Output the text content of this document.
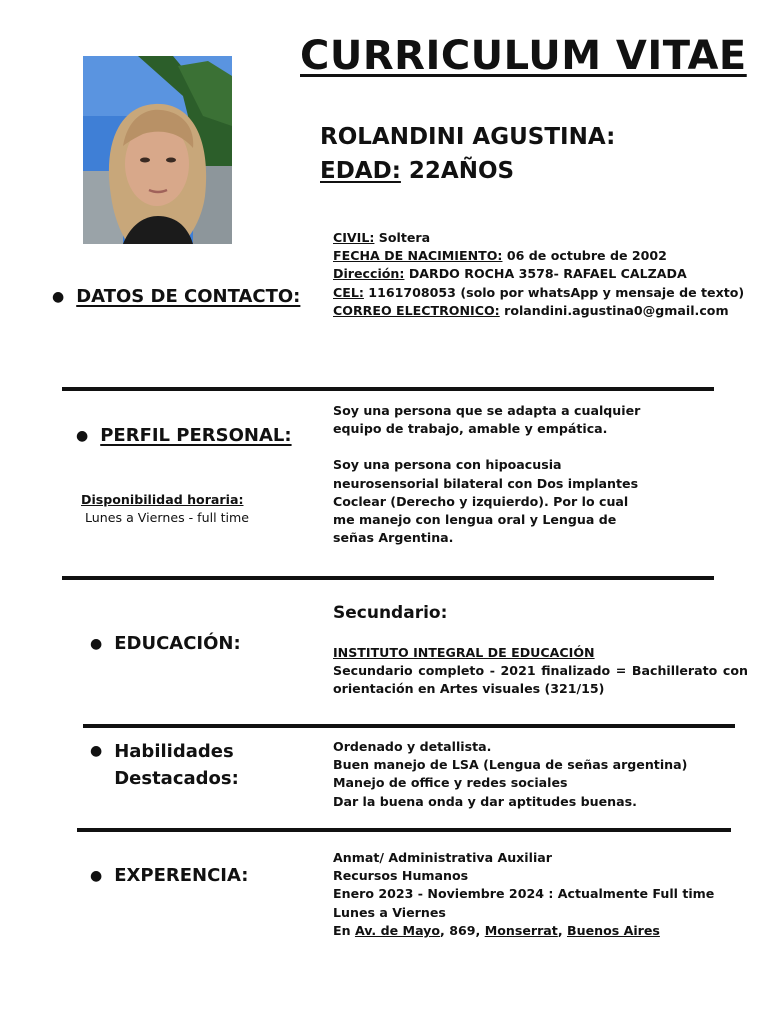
CURRICULUM VITAE
ROLANDINI AGUSTINA:
EDAD: 22AÑOS
CIVIL: Soltera
FECHA DE NACIMIENTO: 06 de octubre de 2002
Dirección: DARDO ROCHA 3578- RAFAEL CALZADA
CEL: 1161708053 (solo por whatsApp y mensaje de texto)
CORREO ELECTRONICO: rolandini.agustina0@gmail.com
● DATOS DE CONTACTO:

Soy una persona que se adapta a cualquier equipo de trabajo, amable y empática.

Soy una persona con hipoacusia neurosensorial bilateral con Dos implantes Coclear (Derecho y izquierdo). Por lo cual me manejo con lengua oral y Lengua de señas Argentina.

● PERFIL PERSONAL:
Disponibilidad horaria:
Lunes a Viernes - full time
Secundario:
● EDUCACIÓN:	INSTITUTO INTEGRAL DE EDUCACIÓN
Secundario completo - 2021 finalizado = Bachillerato con orientación en Artes visuales (321/15)
● Habilidades
Destacados:
Ordenado y detallista.
Buen manejo de LSA (Lengua de señas argentina)
Manejo de office y redes sociales
Dar la buena onda y dar aptitudes buenas.
● EXPERENCIA:
Anmat/ Administrativa Auxiliar
Recursos Humanos
Enero 2023 - Noviembre 2024 : Actualmente Full time Lunes a Viernes
En Av. de Mayo, 869, Monserrat, Buenos Aires
